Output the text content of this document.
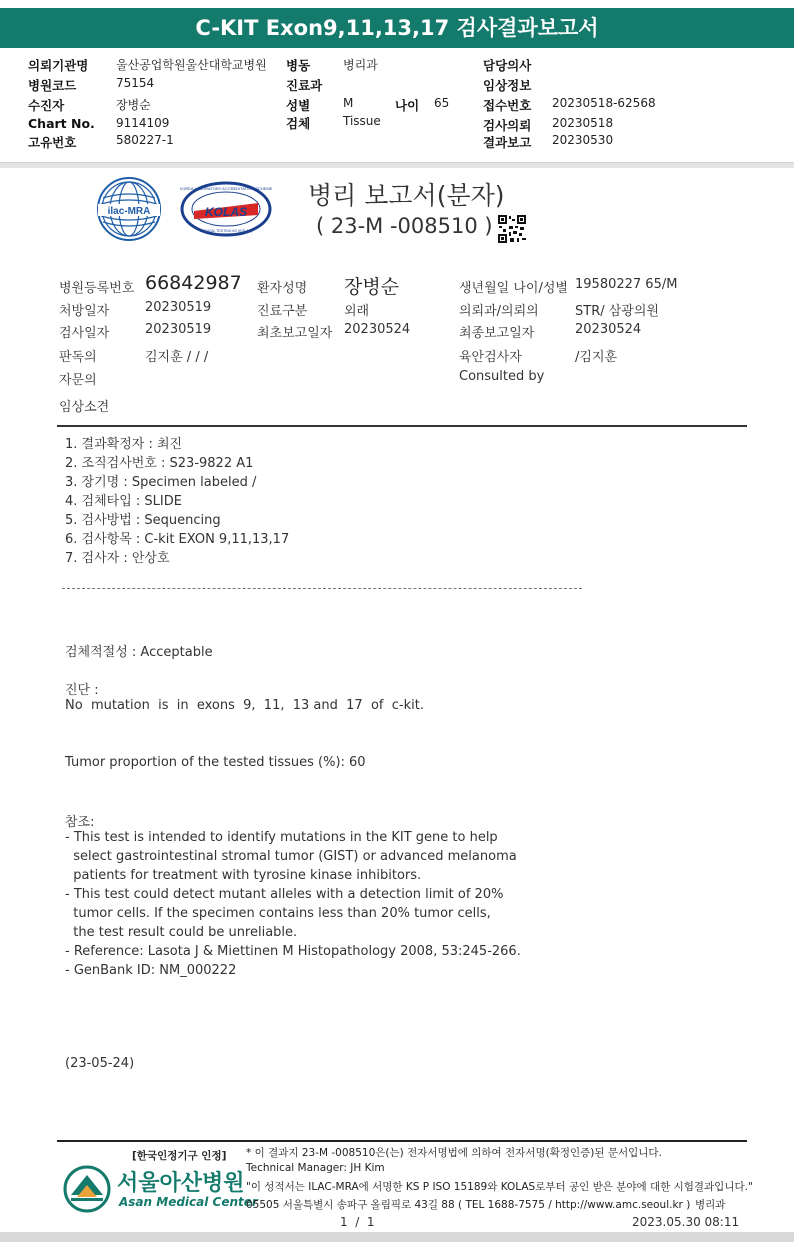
C-KIT Exon9,11,13,17 검사결과보고서
의뢰기관명 울산공업학원울산대학교병원
병원코드	75154
수진자	장병순
Chart No. 9114109
고유번호	580227-1
병동	병리과
진료과
성별	M	나이 65
검체	Tissue
담당의사
임상정보
접수번호 20230518-62568
검사의뢰 20230518
결과보고 20230530
ilac-MRA	KOLAS
KOREA LABORATORY ACCREDITATION SCHEME
MEDICAL TESTING 6G (KOLAS)
병리 보고서(분자)
( 23-M -008510 )
병원등록번호 66842987 환자성명 장병순	생년월일 나이/성별 19580227 65/M
처방일자	20230519	진료구분	외래	의뢰과/의뢰의	STR/ 삼광의원
검사일자	20230519	최초보고일자 20230524	최종보고일자	20230524
판독의	김지훈 / / /	육안검사자	/김지훈
자문의	Consulted by
임상소견
1. 결과확정자 : 최진
2. 조직검사번호 : S23-9822 A1
3. 장기명 : Specimen labeled /
4. 검체타입 : SLIDE
5. 검사방법 : Sequencing
6. 검사항목 : C-kit EXON 9,11,13,17
7. 검사자 : 안상호
검체적절성 : Acceptable
진단 :
No  mutation  is  in  exons  9,  11,  13 and  17  of  c-kit.
Tumor proportion of the tested tissues (%): 60
참조:
- This test is intended to identify mutations in the KIT gene to help
select gastrointestinal stromal tumor (GIST) or advanced melanoma
patients for treatment with tyrosine kinase inhibitors.
- This test could detect mutant alleles with a detection limit of 20%
tumor cells. If the specimen contains less than 20% tumor cells,
the test result could be unreliable.
- Reference: Lasota J & Miettinen M Histopathology 2008, 53:245-266.
- GenBank ID: NM_000222
(23-05-24)
[한국인정기구 인정]
서울아산병원
Asan Medical Center
* 이 결과지 23-M -008510은(는) 전자서명법에 의하여 전자서명(확정인증)된 문서입니다.
Technical Manager: JH Kim
"이 성적서는 ILAC-MRA에 서명한 KS P ISO 15189와 KOLAS로부터 공인 받은 분야에 대한 시험결과입니다."
05505 서울특별시 송파구 올림픽로 43길 88 ( TEL 1688-7575 / http://www.amc.seoul.kr ) 병리과
1  /  1	2023.05.30 08:11
